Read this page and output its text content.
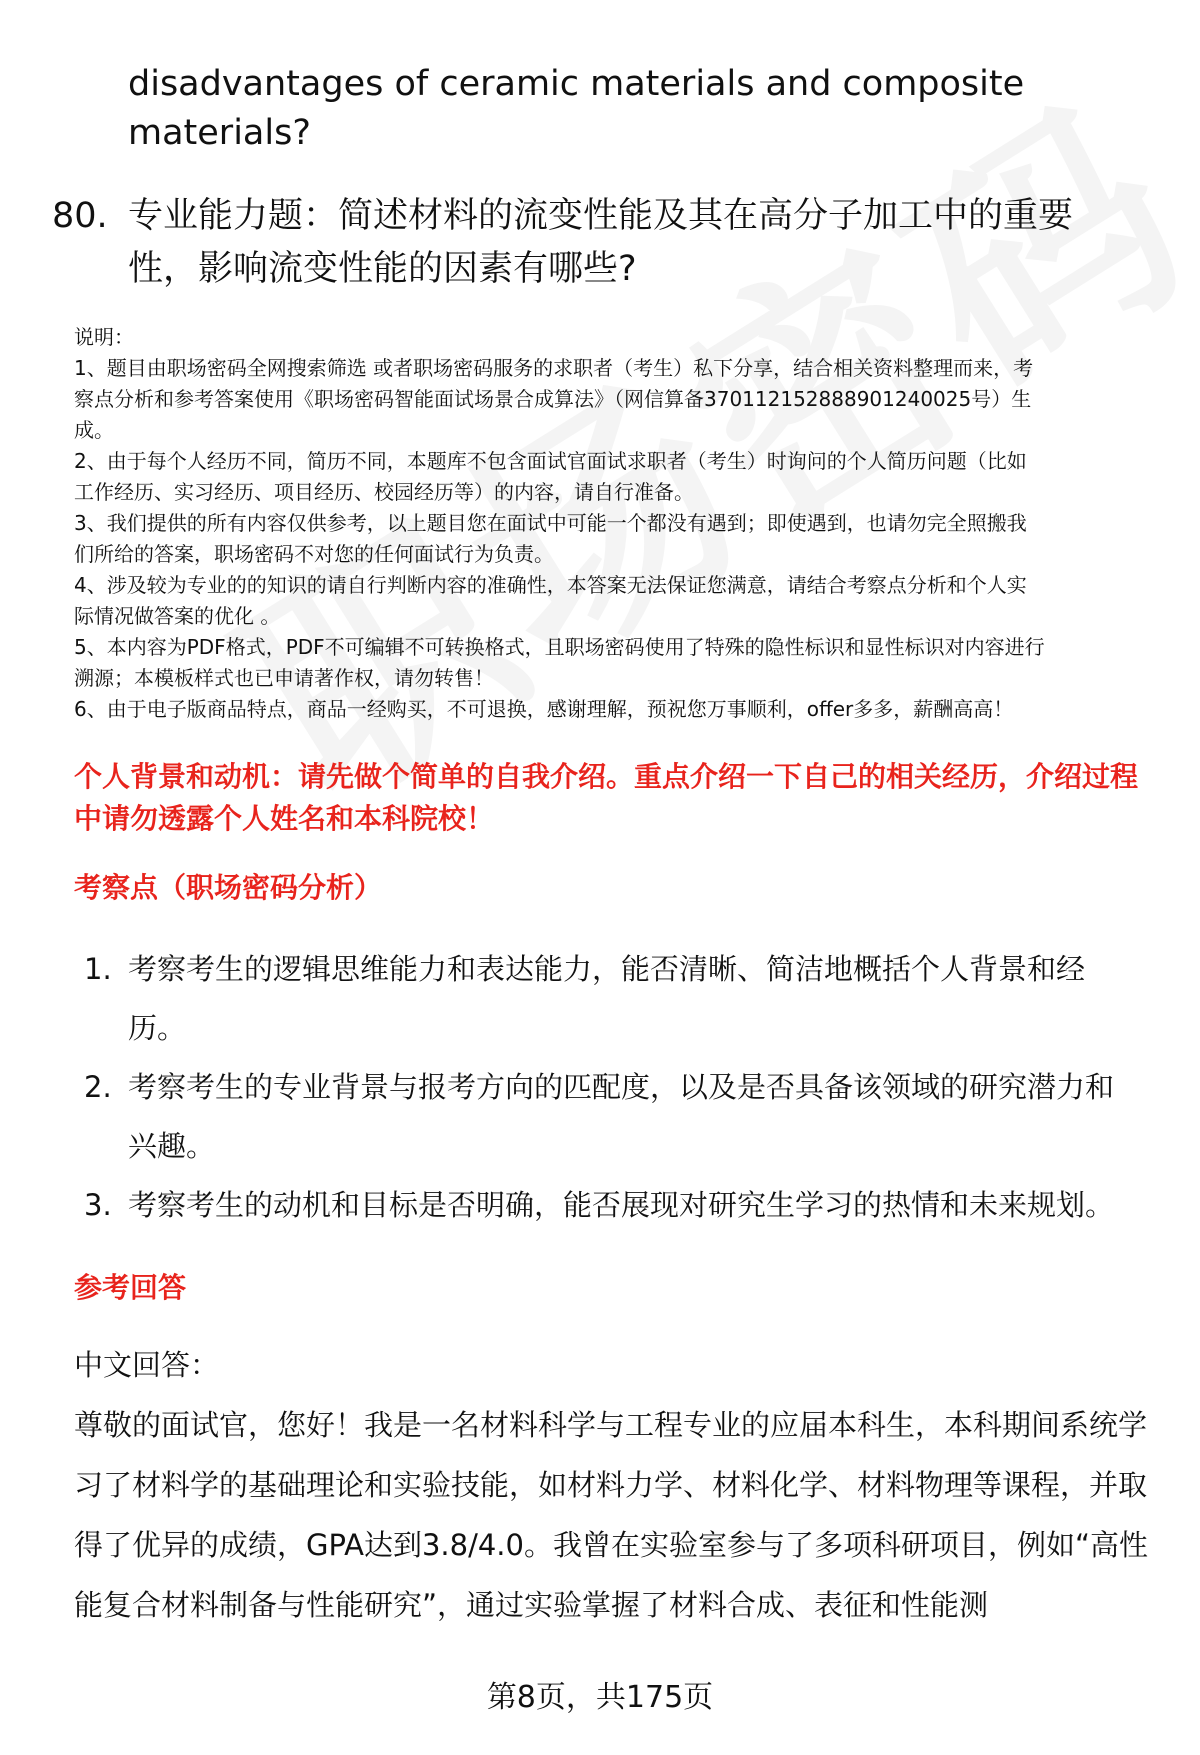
disadvantages of ceramic materials and composite materials?
80. 专业能力题：简述材料的流变性能及其在高分子加工中的重要性，影响流变性能的因素有哪些?
说明：
1、题目由职场密码全网搜索筛选 或者职场密码服务的求职者（考生）私下分享，结合相关资料整理而来，考
察点分析和参考答案使用《职场密码智能面试场景合成算法》（网信算备370112152888901240025号）生
成。
2、由于每个人经历不同，简历不同，本题库不包含面试官面试求职者（考生）时询问的个人简历问题（比如
工作经历、实习经历、项目经历、校园经历等）的内容，请自行准备。
3、我们提供的所有内容仅供参考，以上题目您在面试中可能一个都没有遇到；即使遇到，也请勿完全照搬我
们所给的答案，职场密码不对您的任何面试行为负责。
4、涉及较为专业的的知识的请自行判断内容的准确性，本答案无法保证您满意，请结合考察点分析和个人实
际情况做答案的优化 。
5、本内容为PDF格式，PDF不可编辑不可转换格式，且职场密码使用了特殊的隐性标识和显性标识对内容进行
溯源；本模板样式也已申请著作权，请勿转售！
6、由于电子版商品特点，商品一经购买，不可退换，感谢理解，预祝您万事顺利，offer多多，薪酬高高！
个人背景和动机：请先做个简单的自我介绍。重点介绍一下自己的相关经历，介绍过程中请勿透露个人姓名和本科院校！
考察点（职场密码分析）
1. 考察考生的逻辑思维能力和表达能力，能否清晰、简洁地概括个人背景和经历。
2. 考察考生的专业背景与报考方向的匹配度，以及是否具备该领域的研究潜力和兴趣。
3. 考察考生的动机和目标是否明确，能否展现对研究生学习的热情和未来规划。
参考回答
中文回答：
尊敬的面试官，您好！我是一名材料科学与工程专业的应届本科生，本科期间系统学习了材料学的基础理论和实验技能，如材料力学、材料化学、材料物理等课程，并取得了优异的成绩，GPA达到3.8/4.0。我曾在实验室参与了多项科研项目，例如“高性能复合材料制备与性能研究”，通过实验掌握了材料合成、表征和性能测
第8页，共175页
